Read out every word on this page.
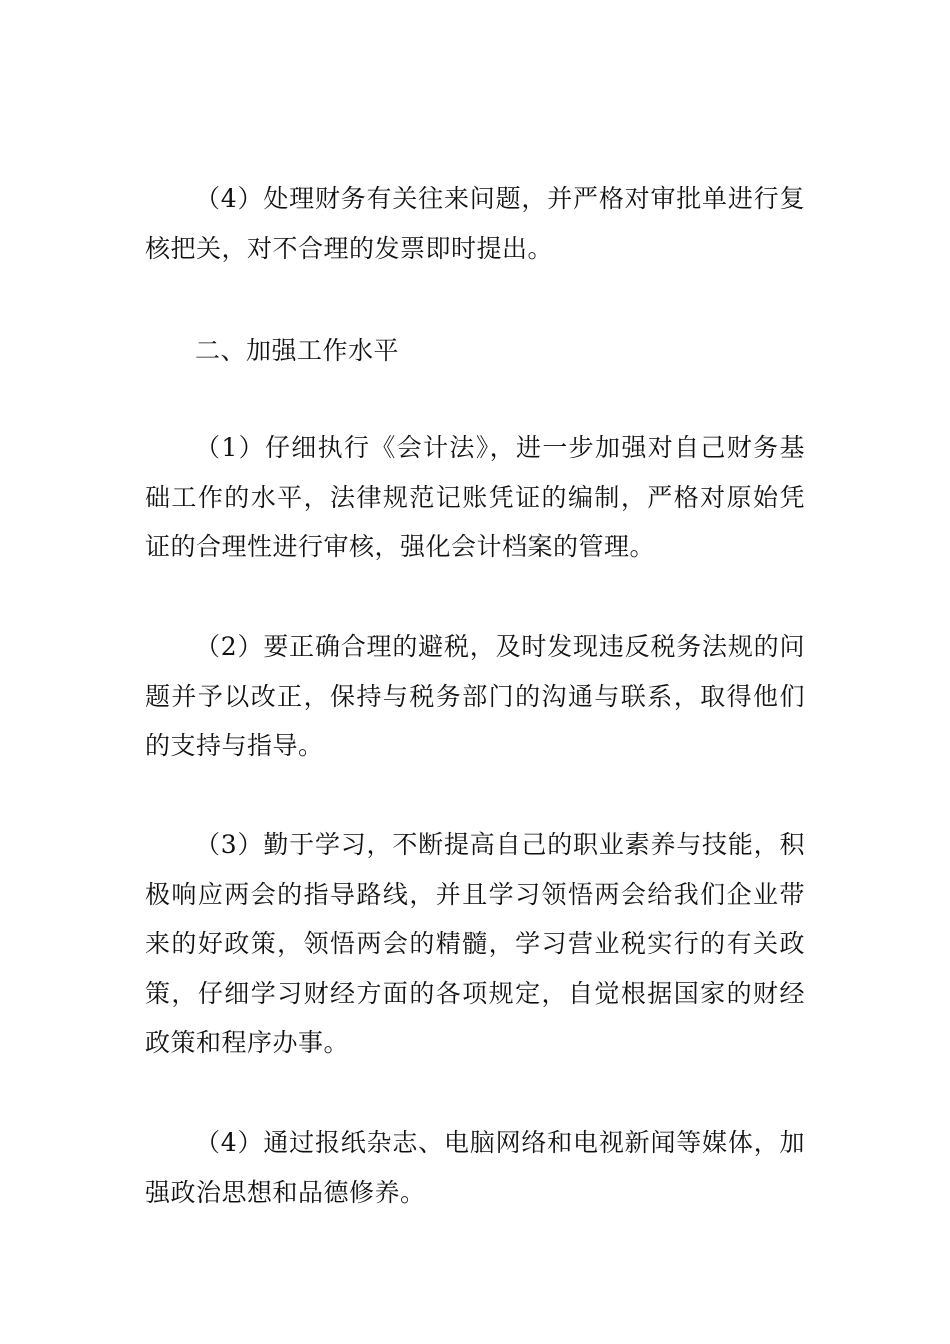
（4）处理财务有关往来问题，并严格对审批单进行复核把关，对不合理的发票即时提出。

二、加强工作水平

（1）仔细执行《会计法》，进一步加强对自己财务基础工作的水平，法律规范记账凭证的编制，严格对原始凭证的合理性进行审核，强化会计档案的管理。

（2）要正确合理的避税，及时发现违反税务法规的问题并予以改正，保持与税务部门的沟通与联系，取得他们的支持与指导。

（3）勤于学习，不断提高自己的职业素养与技能，积极响应两会的指导路线，并且学习领悟两会给我们企业带来的好政策，领悟两会的精髓，学习营业税实行的有关政策，仔细学习财经方面的各项规定，自觉根据国家的财经政策和程序办事。

（4）通过报纸杂志、电脑网络和电视新闻等媒体，加强政治思想和品德修养。
